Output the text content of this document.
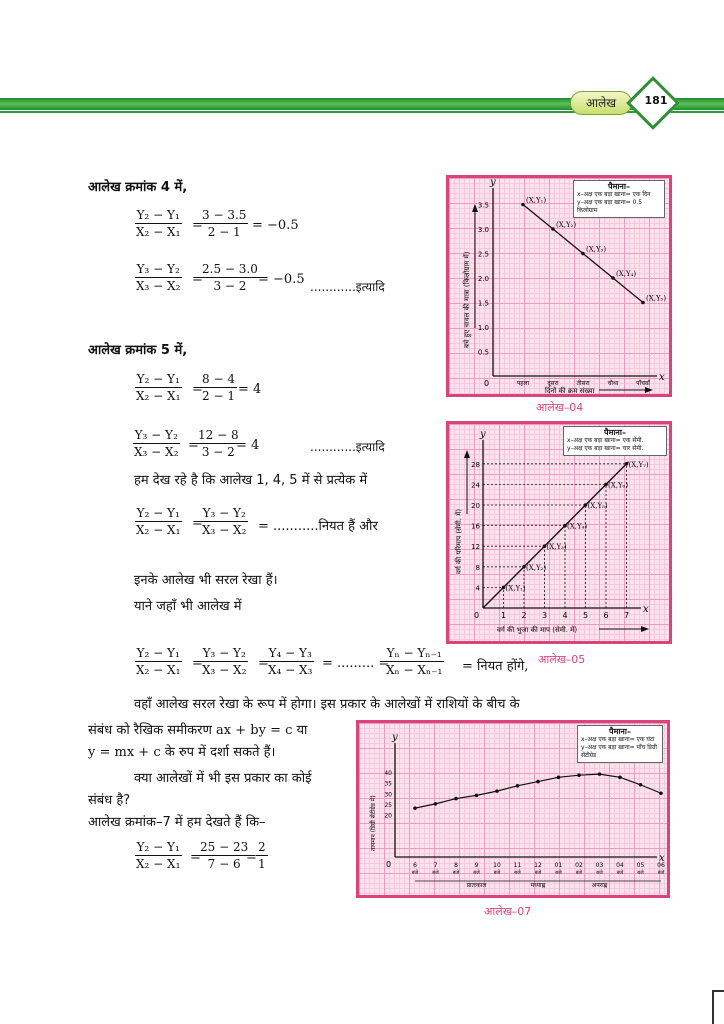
आलेख	181
आलेख क्रमांक 4 में,
$\frac{\text{Y₂ − Y₁}}{\text{X₂ − X₁}}$ =
$\frac{3 - 3.5}{2 - 1} = -0.5$
$\frac{\text{Y₃ − Y₂}}{\text{X₃ − X₂}}$ =
$\frac{2.5 - 3.0}{3 - 2}$
= −0.5 ............इत्यादि
आलेख क्रमांक 5 में,
$\frac{\text{Y₂ − Y₁}}{\text{X₂ − X₁}}$ =
$\frac{8 - 4}{2 - 1} = 4$
$\frac{\text{Y₃ − Y₂}}{\text{X₃ − X₂}}$ =
$\frac{12 - 8}{3 - 2}$
= 4	............इत्यादि
हम देख रहे है कि आलेख 1, 4, 5 में से प्रत्येक में
$\frac{\text{Y₂ − Y₁}}{\text{X₂ − X₁}}$ =
$\frac{\text{Y₃ − Y₂}}{\text{X₃ − X₂}}$ = ...........नियत हैं और
इनके आलेख भी सरल रेखा हैं।
याने जहाँ भी आलेख में
$\frac{\text{Y₂ − Y₁}}{\text{X₂ − X₁}}$ =
$\frac{\text{Y₃ − Y₂}}{\text{X₃ − X₂}}$ =
$\frac{\text{Y₄ − Y₃}}{\text{X₄ − X₃}}$ = ......... =
$\frac{\text{Yₙ − Yₙ₋₁}}{\text{Xₙ − Xₙ₋₁}}$ = नियत होंगे,
वहाँ आलेख सरल रेखा के रूप में होगा। इस प्रकार के आलेखों में राशियों के बीच के
संबंध को रैखिक समीकरण ax + by = c या
y = mx + c के रुप में दर्शा सकते हैं।
क्या आलेखों में भी इस प्रकार का कोई
संबंध है?
आलेख क्रमांक–7 में हम देखते हैं कि–
$\frac{\text{Y₂ − Y₁}}{\text{X₂ − X₁}}$ =
$\frac{25 - 23}{7 - 6}$
= $\frac{2}{1}$
x
y
0
बचे हुए चावल की मात्रा (किलोग्राम में)
0.5
1.0
1.5
2.0
2.5
3.0
3.5
पहला	दूसरा	तीसरा	चौथा	पाँचवाँ
दिनों की क्रम संख्या
(X,Y₁)
(X,Y₂)
(X,Y₃)
(X,Y₄)
(X,Y₅)
पैमाना–
x–अक्ष एक बड़ा खाना= एक दिन
y–अक्ष एक बड़ा खाना= 0.5 किलोग्राम
आलेख–04
x
y
0
(X,Y₁)
(X,Y₂)
(X,Y₃)
(X,Y₄)
(X,Y₅)
(X,Y₆)
(X,Y₇)
4
8
12
16
20
24
28
1 2 3 4 5 6 7
वर्ग की परिमाप (सेमी. में)
वर्ग की भुजा की माप (सेमी. में)
पैमाना–
x–अक्ष एक बड़ा खाना= एक सेमी.
y–अक्ष एक बड़ा खाना= चार सेमी.
आलेख–05
x
y
0
20
25
30
35
40
तापमान (डिग्री सेंटीग्रेड में)
6
बजे
7
बजे
8
बजे
9
बजे
10
बजे
11
बजे
12
बजे
01
बजे
02
बजे
03
बजे
04
बजे
05
बजे
06
बजे
प्रातःकाल	मध्याह्न	अपराह्न
पैमाना–
x–अक्ष एक बड़ा खाना= एक घंटा
y–अक्ष एक बड़ा खाना= पाँच डिग्री सेंटीग्रेड
आलेख–07
